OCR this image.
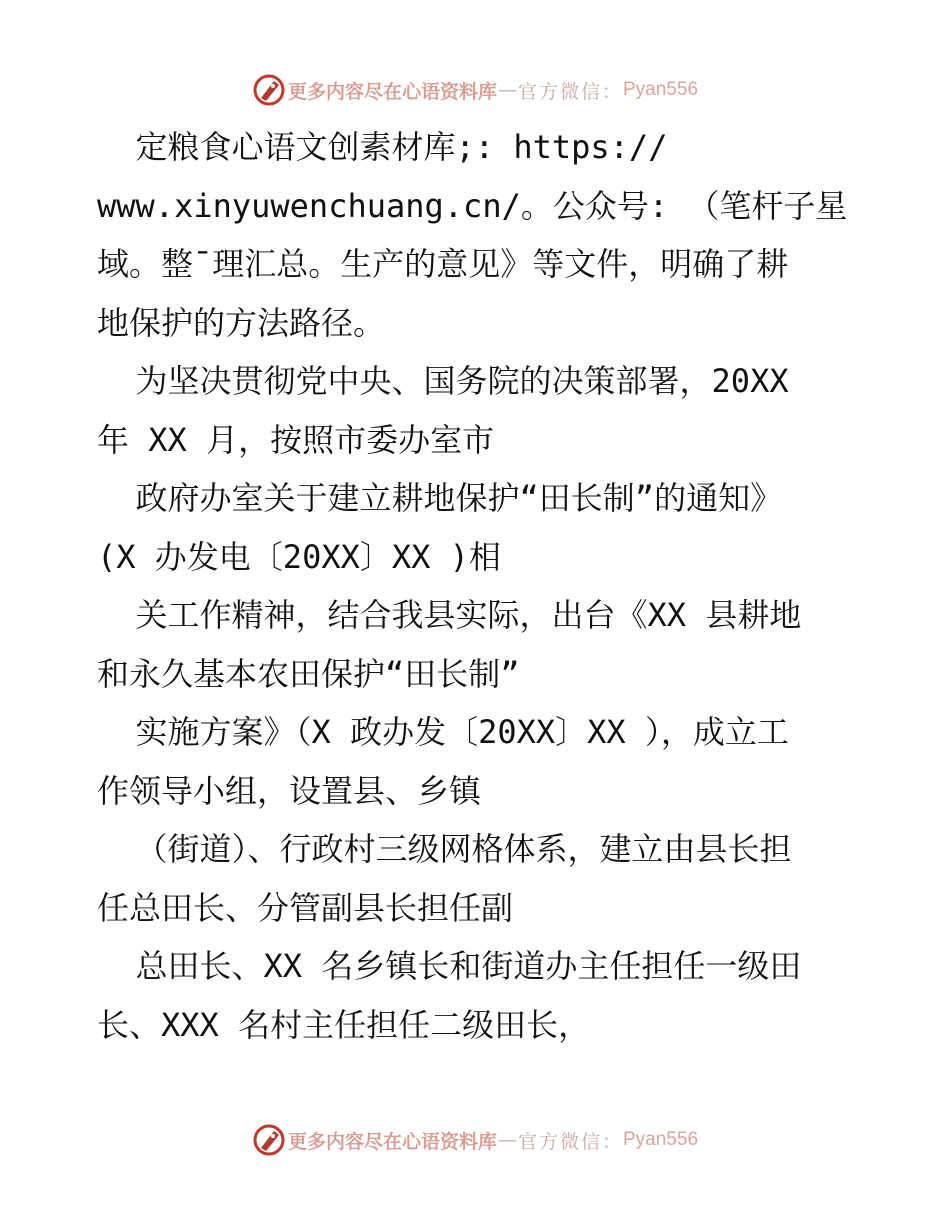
更多内容尽在心语资料库 — 官方微信： Pyan556
定粮食心语文创素材库;: https://
www.xinyuwenchuang.cn/。公众号: （笔杆子星
域。整¯理汇总。生产的意见》等文件，明确了耕
地保护的方法路径。
为坚决贯彻党中央、国务院的决策部署，20XX
年 XX 月，按照市委办室市
政府办室关于建立耕地保护“田长制”的通知》
(X 办发电〔20XX〕XX )相
关工作精神，结合我县实际，出台《XX 县耕地
和永久基本农田保护“田长制”
实施方案》（X 政办发〔20XX〕XX ），成立工
作领导小组，设置县、乡镇
（街道）、行政村三级网格体系，建立由县长担
任总田长、分管副县长担任副
总田长、XX 名乡镇长和街道办主任担任一级田
长、XXX 名村主任担任二级田长，
更多内容尽在心语资料库 — 官方微信： Pyan556
